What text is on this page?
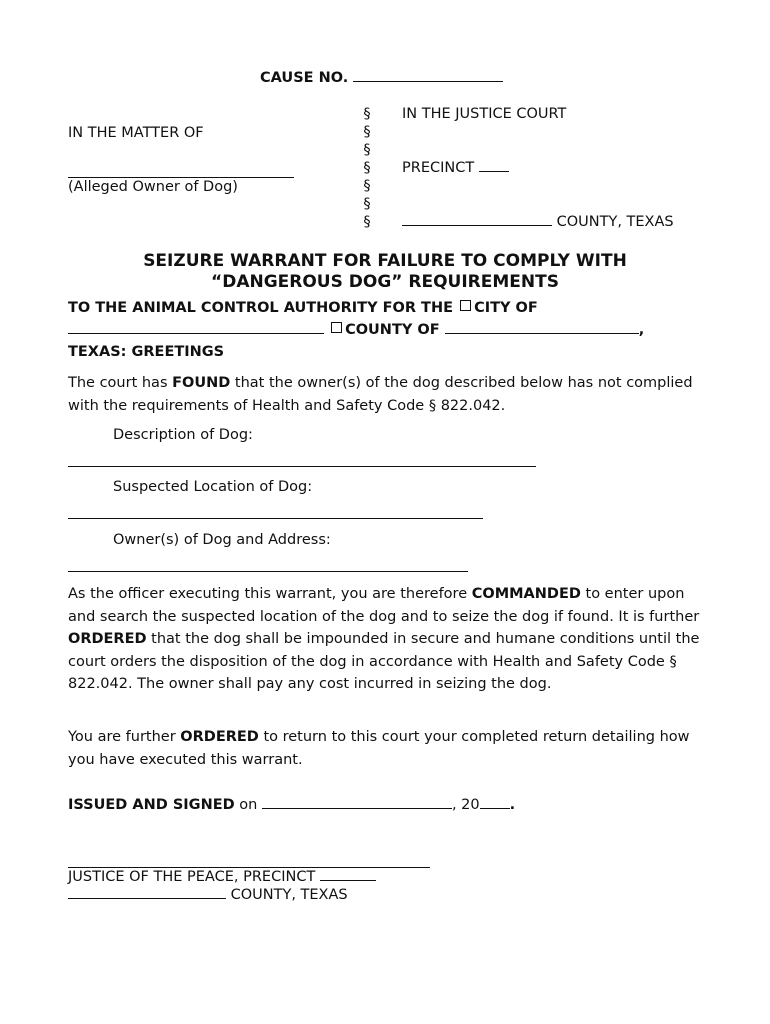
CAUSE NO.
IN THE MATTER OF
(Alleged Owner of Dog)
§
§
§
§
§
§
§
IN THE JUSTICE COURT
PRECINCT
COUNTY, TEXAS
SEIZURE WARRANT FOR FAILURE TO COMPLY WITH
“DANGEROUS DOG” REQUIREMENTS
TO THE ANIMAL CONTROL AUTHORITY FOR THE CITY OF
COUNTY OF	,
TEXAS: GREETINGS
The court has FOUND that the owner(s) of the dog described below has not complied with the requirements of Health and Safety Code § 822.042.
Description of Dog:
Suspected Location of Dog:
Owner(s) of Dog and Address:
As the officer executing this warrant, you are therefore COMMANDED to enter upon and search the suspected location of the dog and to seize the dog if found. It is further ORDERED that the dog shall be impounded in secure and humane conditions until the court orders the disposition of the dog in accordance with Health and Safety Code § 822.042. The owner shall pay any cost incurred in seizing the dog.
You are further ORDERED to return to this court your completed return detailing how you have executed this warrant.
ISSUED AND SIGNED on	, 20 .
JUSTICE OF THE PEACE, PRECINCT
COUNTY, TEXAS
